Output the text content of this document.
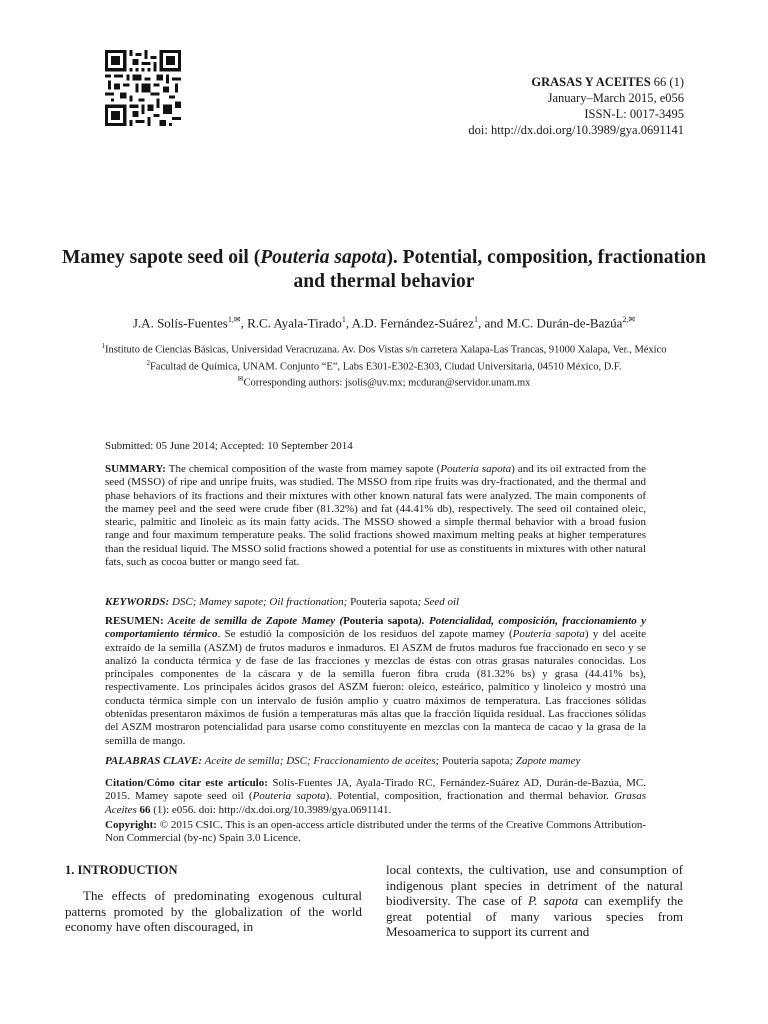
GRASAS Y ACEITES 66 (1)
January–March 2015, e056
ISSN-L: 0017-3495
doi: http://dx.doi.org/10.3989/gya.0691141
Mamey sapote seed oil (Pouteria sapota). Potential, composition, fractionation and thermal behavior
J.A. Solís-Fuentes$^{1,✉}$, R.C. Ayala-Tirado$^1$, A.D. Fernández-Suárez$^1$, and M.C. Durán-de-Bazúa$^{2,✉}$
$^1$Instituto de Ciencias Básicas, Universidad Veracruzana. Av. Dos Vistas s/n carretera Xalapa-Las Trancas, 91000 Xalapa, Ver., México
$^2$Facultad de Química, UNAM. Conjunto “E”, Labs E301-E302-E303, Ciudad Universitaria, 04510 México, D.F.
✉Corresponding authors: jsolis@uv.mx; mcduran@servidor.unam.mx
Submitted: 05 June 2014; Accepted: 10 September 2014
SUMMARY: The chemical composition of the waste from mamey sapote (Pouteria sapota) and its oil extracted from the seed (MSSO) of ripe and unripe fruits, was studied. The MSSO from ripe fruits was dry-fractionated, and the thermal and phase behaviors of its fractions and their mixtures with other known natural fats were analyzed. The main components of the mamey peel and the seed were crude fiber (81.32%) and fat (44.41% db), respectively. The seed oil contained oleic, stearic, palmitic and linoleic as its main fatty acids. The MSSO showed a simple thermal behavior with a broad fusion range and four maximum temperature peaks. The solid fractions showed maximum melting peaks at higher temperatures than the residual liquid. The MSSO solid fractions showed a potential for use as constituents in mixtures with other natural fats, such as cocoa butter or mango seed fat.
KEYWORDS: DSC; Mamey sapote; Oil fractionation; Pouteria sapota; Seed oil
RESUMEN: Aceite de semilla de Zapote Mamey (Pouteria sapota). Potencialidad, composición, fraccionamiento y comportamiento térmico. Se estudió la composición de los residuos del zapote mamey (Pouteria sapota) y del aceite extraído de la semilla (ASZM) de frutos maduros e inmaduros. El ASZM de frutos maduros fue fraccionado en seco y se analizó la conducta térmica y de fase de las fracciones y mezclas de éstas con otras grasas naturales conocidas. Los principales componentes de la cáscara y de la semilla fueron fibra cruda (81.32% bs) y grasa (44.41% bs), respectivamente. Los principales ácidos grasos del ASZM fueron: oleico, esteárico, palmítico y linoleico y mostró una conducta térmica simple con un intervalo de fusión amplio y cuatro máximos de temperatura. Las fracciones sólidas obtenidas presentaron máximos de fusión a temperaturas más altas que la fracción líquida residual. Las fracciones sólidas del ASZM mostraron potencialidad para usarse como constituyente en mezclas con la manteca de cacao y la grasa de la semilla de mango.
PALABRAS CLAVE: Aceite de semilla; DSC; Fraccionamiento de aceites; Pouteria sapota; Zapote mamey
Citation/Cómo citar este artículo: Solís-Fuentes JA, Ayala-Tirado RC, Fernández-Suárez AD, Durán-de-Bazúa, MC. 2015. Mamey sapote seed oil (Pouteria sapota). Potential, composition, fractionation and thermal behavior. Grasas Aceites 66 (1): e056. doi: http://dx.doi.org/10.3989/gya.0691141.
Copyright: © 2015 CSIC. This is an open-access article distributed under the terms of the Creative Commons Attribution-Non Commercial (by-nc) Spain 3.0 Licence.
1. INTRODUCTION
The effects of predominating exogenous cultural patterns promoted by the globalization of the world economy have often discouraged, in
local contexts, the cultivation, use and consumption of indigenous plant species in detriment of the natural biodiversity. The case of P. sapota can exemplify the great potential of many various species from Mesoamerica to support its current and
